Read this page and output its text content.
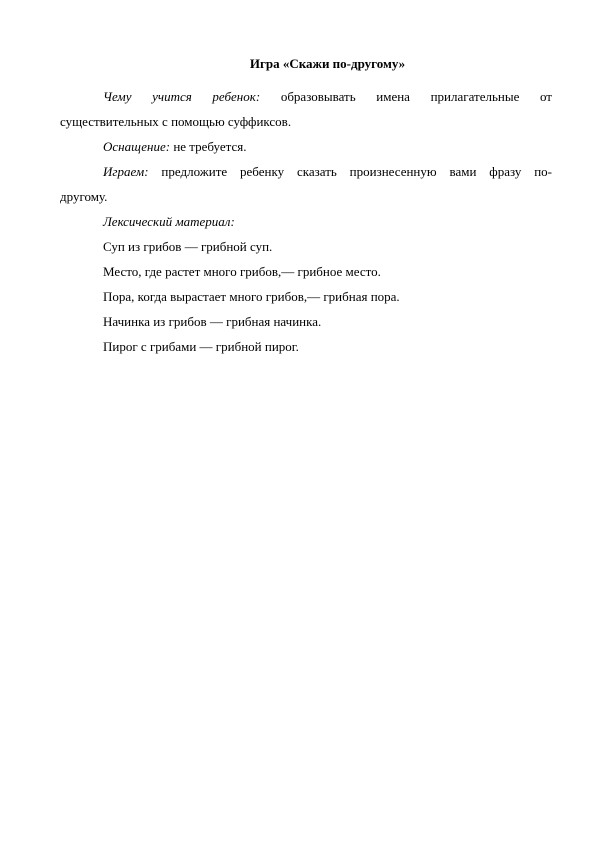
Игра «Скажи по-другому»

Чему учится ребенок: образовывать имена прилагательные от

существительных с помощью суффиксов.

Оснащение: не требуется.

Играем: предложите ребенку сказать произнесенную вами фразу по-

другому.

Лексический материал:

Суп из грибов — грибной суп.

Место, где растет много грибов,— грибное место.

Пора, когда вырастает много грибов,— грибная пора.

Начинка из грибов — грибная начинка.

Пирог с грибами — грибной пирог.
